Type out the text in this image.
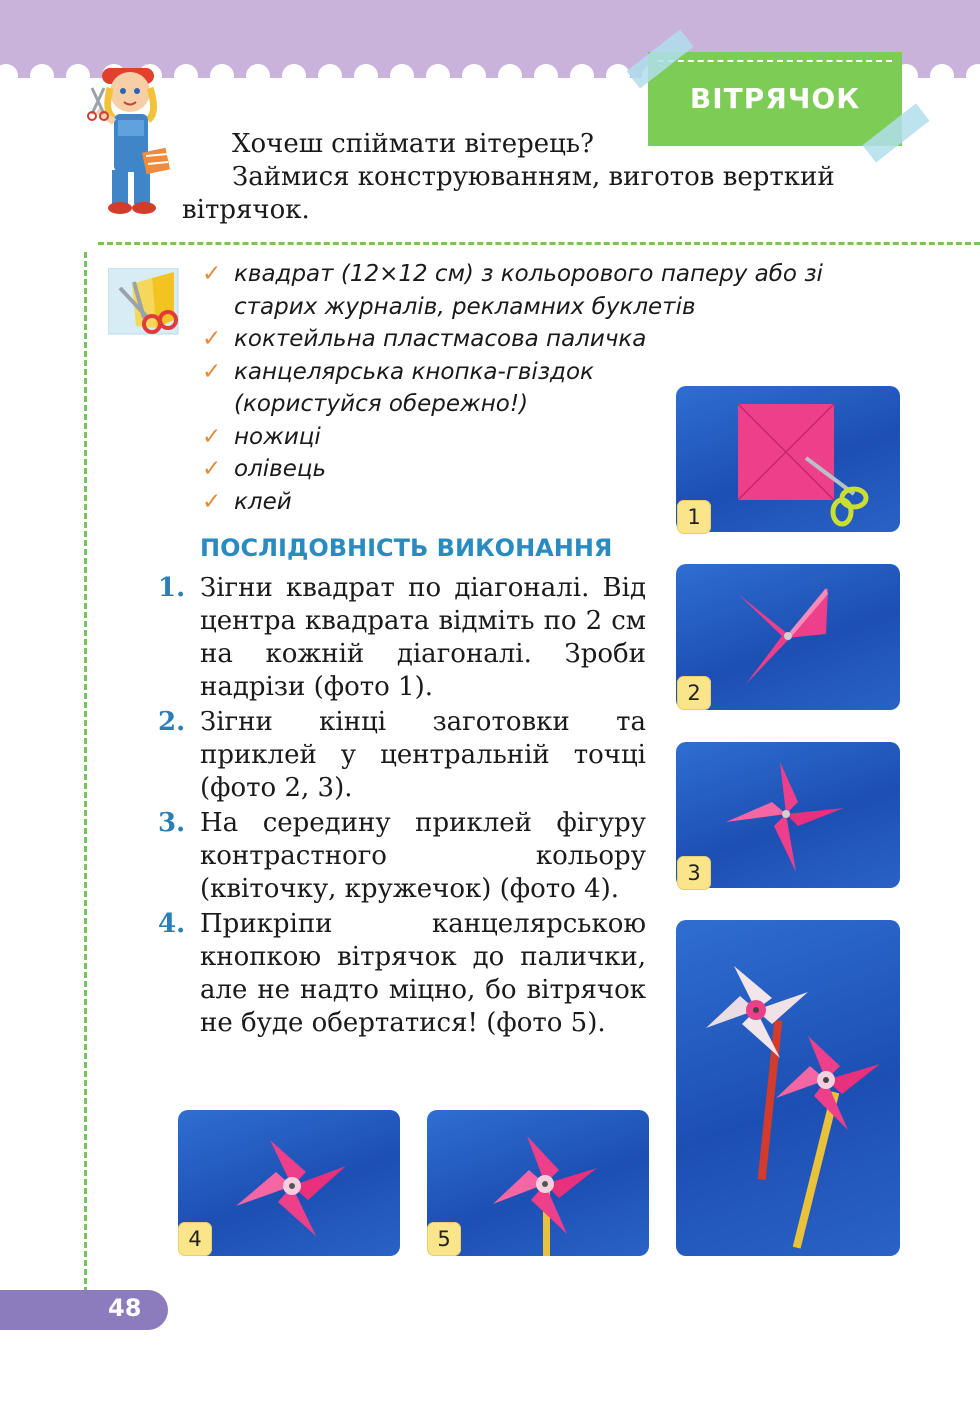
ВІТРЯЧОК

Хочеш спіймати вітерець?

Займися конструюванням, виготов верткий вітрячок.

✓ квадрат (12×12 см) з кольорового паперу або зі старих журналів, рекламних буклетів
✓ коктейльна пластмасова паличка
✓ канцелярська кнопка-гвіздок (користуйся обережно!)
✓ ножиці
✓ олівець
✓ клей
ПОСЛІДОВНІСТЬ ВИКОНАННЯ
1. Зігни квадрат по діагоналі. Від центра квадрата відміть по 2 см на кожній діагоналі. Зроби надрізи (фото 1).
2. Зігни кінці заготовки та приклей у центральній точці (фото 2, 3).
3. На середину приклей фігуру контрастного кольору (квіточку, кружечок) (фото 4).
4. Прикріпи канцелярською кнопкою вітрячок до палички, але не надто міцно, бо вітрячок не буде обертатися! (фото 5).
1
2
3
4	5
48
